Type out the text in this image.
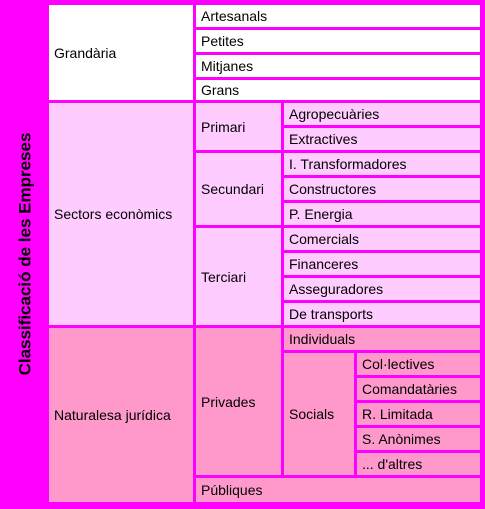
Classificació de les Empreses
Grandària
Artesanals
Petites
Mitjanes
Grans
Sectors econòmics
Primari
Agropecuàries
Extractives
Secundari
I. Transformadores
Constructores
P. Energia
Terciari
Comercials
Financeres
Asseguradores
De transports
Naturalesa jurídica
Privades
Individuals
Socials
Col·lectives
Comandatàries
R. Limitada
S. Anònimes
... d'altres
Públiques
